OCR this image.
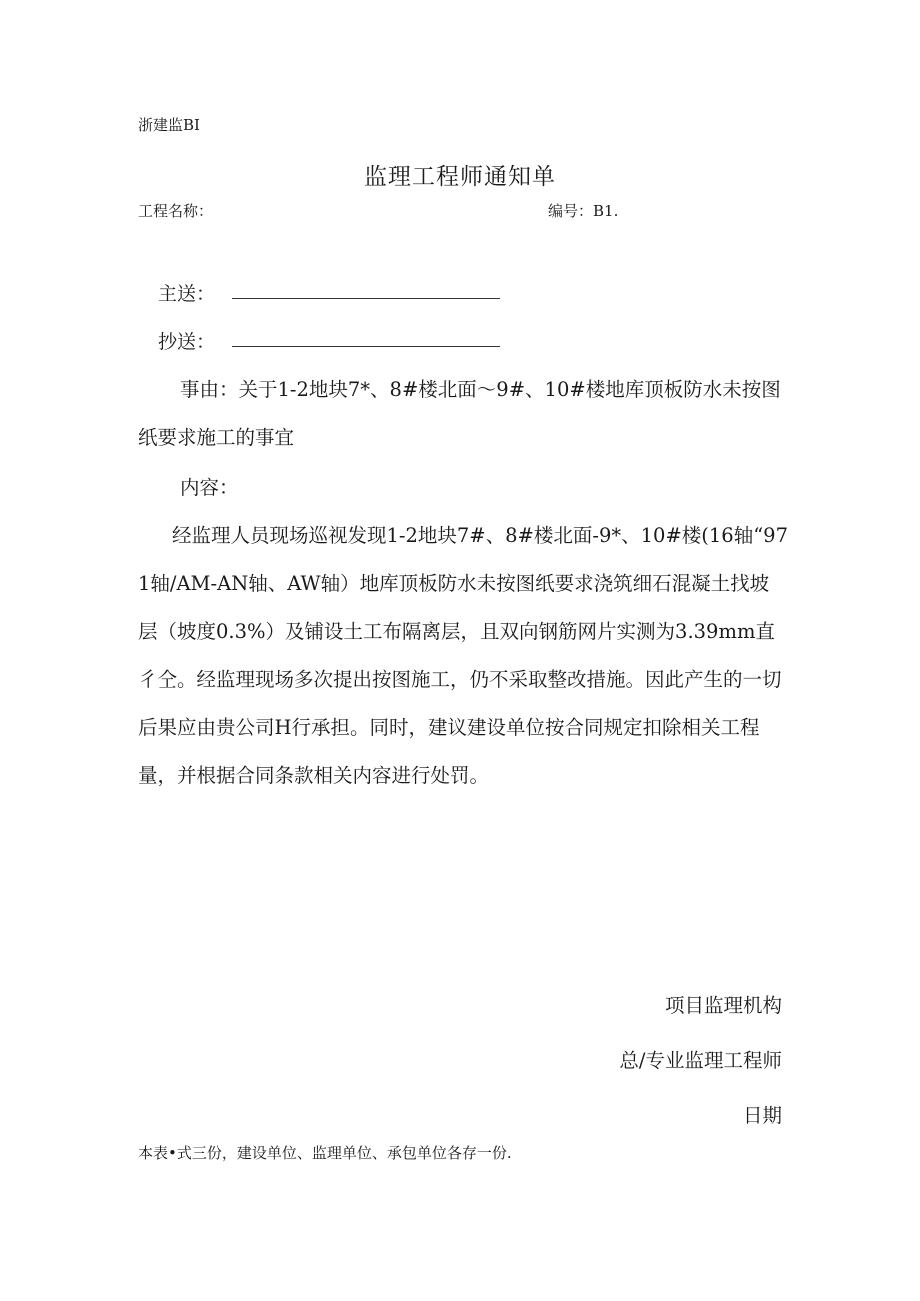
浙建监BI
监理工程师通知单
工程名称：	编号：B1.
主送：
抄送：
事由：关于1-2地块7*、8#楼北面～9#、10#楼地库顶板防水未按图纸要求施工的事宜
内容：
经监理人员现场巡视发现1-2地块7#、8#楼北面-9*、10#楼(16轴“971轴/AM-AN轴、AW轴）地库顶板防水未按图纸要求浇筑细石混凝土找坡层（坡度0.3%）及铺设土工布隔离层，且双向钢筋网片实测为3.39mm直彳仝。经监理现场多次提出按图施工，仍不采取整改措施。因此产生的一切后果应由贵公司H行承担。同时，建议建设单位按合同规定扣除相关工程量，并根据合同条款相关内容进行处罚。
项目监理机构
总/专业监理工程师
日期
本表•式三份，建设单位、监理单位、承包单位各存一份.
